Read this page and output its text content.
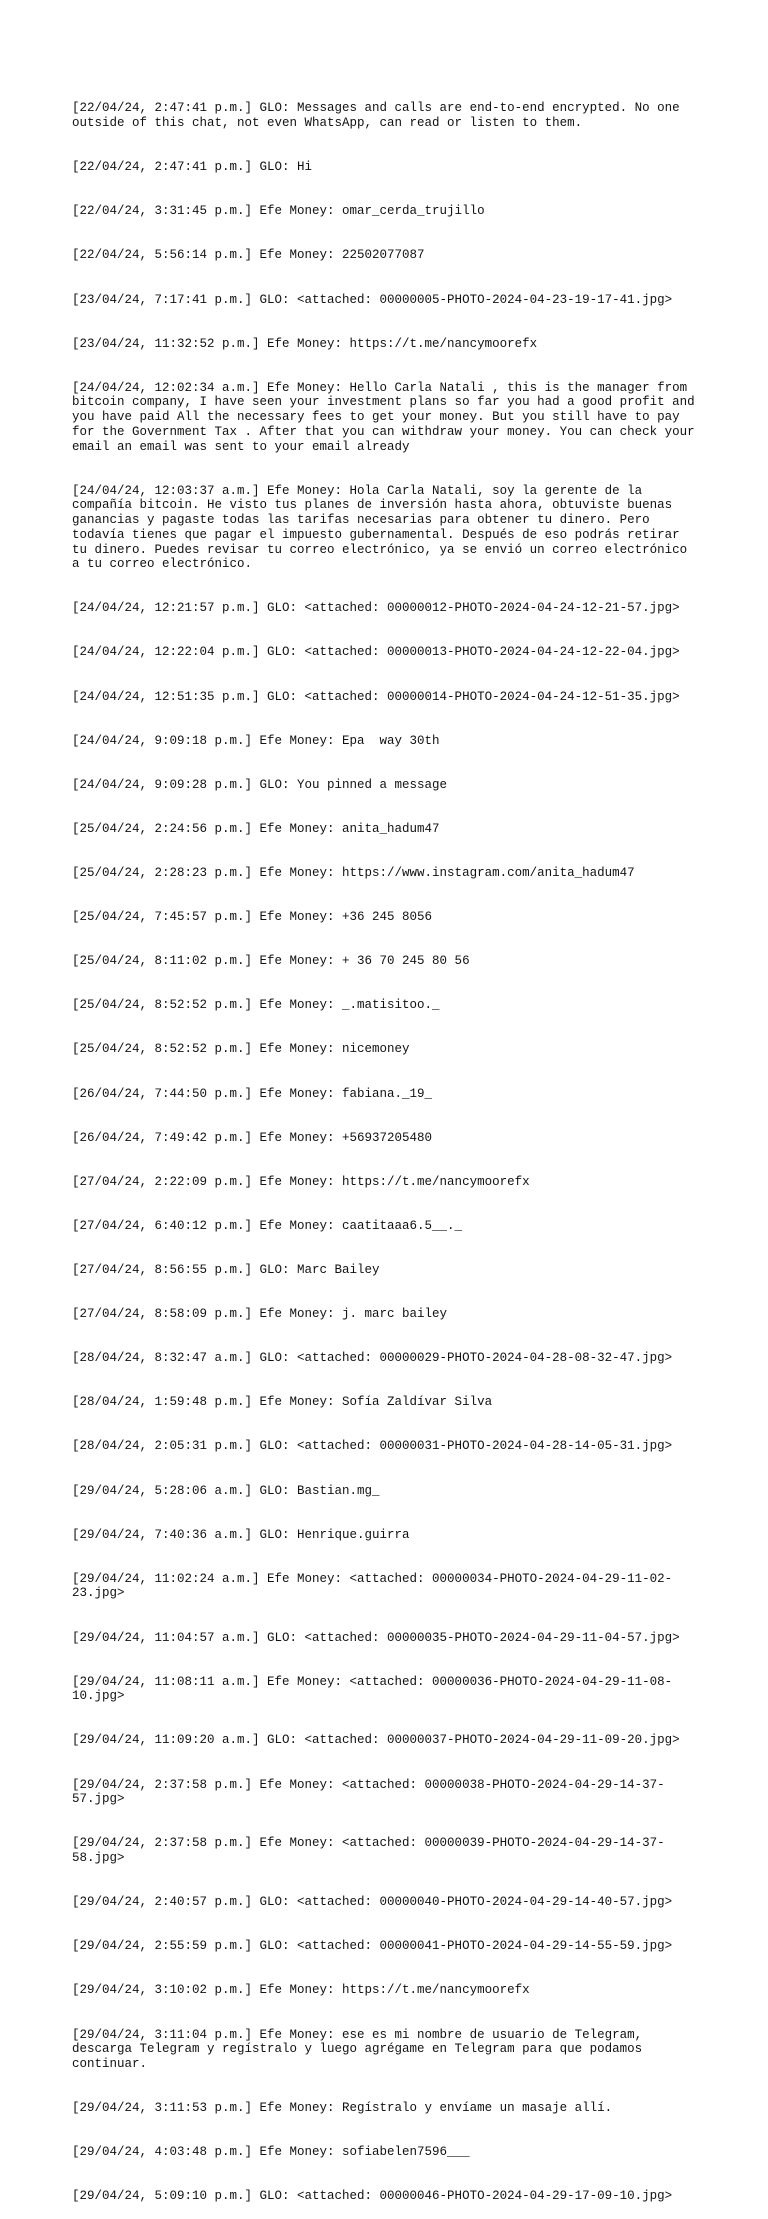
[22/04/24, 2:47:41 p.m.] GLO: Messages and calls are end-to-end encrypted. No one
outside of this chat, not even WhatsApp, can read or listen to them.

[22/04/24, 2:47:41 p.m.] GLO: Hi

[22/04/24, 3:31:45 p.m.] Efe Money: omar_cerda_trujillo

[22/04/24, 5:56:14 p.m.] Efe Money: 22502077087

[23/04/24, 7:17:41 p.m.] GLO: <attached: 00000005-PHOTO-2024-04-23-19-17-41.jpg>

[23/04/24, 11:32:52 p.m.] Efe Money: https://t.me/nancymoorefx

[24/04/24, 12:02:34 a.m.] Efe Money: Hello Carla Natali , this is the manager from
bitcoin company, I have seen your investment plans so far you had a good profit and
you have paid All the necessary fees to get your money. But you still have to pay
for the Government Tax . After that you can withdraw your money. You can check your
email an email was sent to your email already

[24/04/24, 12:03:37 a.m.] Efe Money: Hola Carla Natali, soy la gerente de la
compañía bitcoin. He visto tus planes de inversión hasta ahora, obtuviste buenas
ganancias y pagaste todas las tarifas necesarias para obtener tu dinero. Pero
todavía tienes que pagar el impuesto gubernamental. Después de eso podrás retirar
tu dinero. Puedes revisar tu correo electrónico, ya se envió un correo electrónico
a tu correo electrónico.

[24/04/24, 12:21:57 p.m.] GLO: <attached: 00000012-PHOTO-2024-04-24-12-21-57.jpg>

[24/04/24, 12:22:04 p.m.] GLO: <attached: 00000013-PHOTO-2024-04-24-12-22-04.jpg>

[24/04/24, 12:51:35 p.m.] GLO: <attached: 00000014-PHOTO-2024-04-24-12-51-35.jpg>

[24/04/24, 9:09:18 p.m.] Efe Money: Epa  way 30th

[24/04/24, 9:09:28 p.m.] GLO: You pinned a message

[25/04/24, 2:24:56 p.m.] Efe Money: anita_hadum47

[25/04/24, 2:28:23 p.m.] Efe Money: https://www.instagram.com/anita_hadum47

[25/04/24, 7:45:57 p.m.] Efe Money: +36 245 8056

[25/04/24, 8:11:02 p.m.] Efe Money: + 36 70 245 80 56

[25/04/24, 8:52:52 p.m.] Efe Money: _.matisitoo._

[25/04/24, 8:52:52 p.m.] Efe Money: nicemoney

[26/04/24, 7:44:50 p.m.] Efe Money: fabiana._19_

[26/04/24, 7:49:42 p.m.] Efe Money: +56937205480

[27/04/24, 2:22:09 p.m.] Efe Money: https://t.me/nancymoorefx

[27/04/24, 6:40:12 p.m.] Efe Money: caatitaaa6.5__._

[27/04/24, 8:56:55 p.m.] GLO: Marc Bailey

[27/04/24, 8:58:09 p.m.] Efe Money: j. marc bailey

[28/04/24, 8:32:47 a.m.] GLO: <attached: 00000029-PHOTO-2024-04-28-08-32-47.jpg>

[28/04/24, 1:59:48 p.m.] Efe Money: Sofía Zaldívar Silva

[28/04/24, 2:05:31 p.m.] GLO: <attached: 00000031-PHOTO-2024-04-28-14-05-31.jpg>

[29/04/24, 5:28:06 a.m.] GLO: Bastian.mg_

[29/04/24, 7:40:36 a.m.] GLO: Henrique.guirra

[29/04/24, 11:02:24 a.m.] Efe Money: <attached: 00000034-PHOTO-2024-04-29-11-02-
23.jpg>

[29/04/24, 11:04:57 a.m.] GLO: <attached: 00000035-PHOTO-2024-04-29-11-04-57.jpg>

[29/04/24, 11:08:11 a.m.] Efe Money: <attached: 00000036-PHOTO-2024-04-29-11-08-
10.jpg>

[29/04/24, 11:09:20 a.m.] GLO: <attached: 00000037-PHOTO-2024-04-29-11-09-20.jpg>

[29/04/24, 2:37:58 p.m.] Efe Money: <attached: 00000038-PHOTO-2024-04-29-14-37-
57.jpg>

[29/04/24, 2:37:58 p.m.] Efe Money: <attached: 00000039-PHOTO-2024-04-29-14-37-
58.jpg>

[29/04/24, 2:40:57 p.m.] GLO: <attached: 00000040-PHOTO-2024-04-29-14-40-57.jpg>

[29/04/24, 2:55:59 p.m.] GLO: <attached: 00000041-PHOTO-2024-04-29-14-55-59.jpg>

[29/04/24, 3:10:02 p.m.] Efe Money: https://t.me/nancymoorefx

[29/04/24, 3:11:04 p.m.] Efe Money: ese es mi nombre de usuario de Telegram,
descarga Telegram y regístralo y luego agrégame en Telegram para que podamos
continuar.

[29/04/24, 3:11:53 p.m.] Efe Money: Regístralo y envíame un masaje allí.

[29/04/24, 4:03:48 p.m.] Efe Money: sofiabelen7596___

[29/04/24, 5:09:10 p.m.] GLO: <attached: 00000046-PHOTO-2024-04-29-17-09-10.jpg>
